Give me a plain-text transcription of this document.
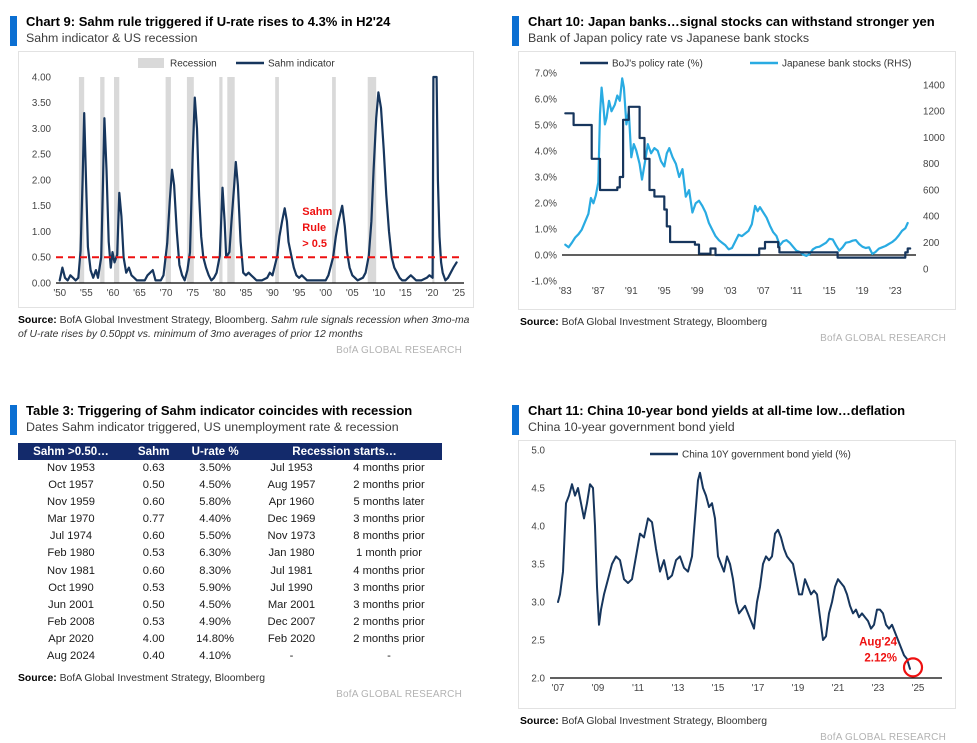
Chart 9: Sahm rule triggered if U-rate rises to 4.3% in H2'24

Sahm indicator & US recession

4.00
3.50
3.00
2.50
2.00
1.50
1.00
0.50
0.00
'50 '55 '60 '65 '70 '75 '80 '85 '90 '95 '00 '05 '10 '15 '20 '25
Recession	Sahm indicator
Sahm
Rule
> 0.5

Source: BofA Global Investment Strategy, Bloomberg. Sahm rule signals recession when 3mo-ma of U-rate rises by 0.50ppt vs. minimum of 3mo averages of prior 12 months

BofA GLOBAL RESEARCH

Chart 10: Japan banks…signal stocks can withstand stronger yen

Bank of Japan policy rate vs Japanese bank stocks

7.0%
6.0%
5.0%
4.0%
3.0%
2.0%
1.0%
0.0%
-1.0%
1400
1200
1000
800
600
400
200
0
'83 '87 '91 '95 '99 '03 '07 '11 '15 '19 '23
BoJ's policy rate (%)	Japanese bank stocks (RHS)

Source: BofA Global Investment Strategy, Bloomberg

BofA GLOBAL RESEARCH

Table 3: Triggering of Sahm indicator coincides with recession

Dates Sahm indicator triggered, US unemployment rate & recession

Sahm >0.50…	Sahm	U-rate %	Recession starts…	
Nov 1953	0.63	3.50%	Jul 1953	4 months prior
Oct 1957	0.50	4.50%	Aug 1957	2 months prior
Nov 1959	0.60	5.80%	Apr 1960	5 months later
Mar 1970	0.77	4.40%	Dec 1969	3 months prior
Jul 1974	0.60	5.50%	Nov 1973	8 months prior
Feb 1980	0.53	6.30%	Jan 1980	1 month prior
Nov 1981	0.60	8.30%	Jul 1981	4 months prior
Oct 1990	0.53	5.90%	Jul 1990	3 months prior
Jun 2001	0.50	4.50%	Mar 2001	3 months prior
Feb 2008	0.53	4.90%	Dec 2007	2 months prior
Apr 2020	4.00	14.80%	Feb 2020	2 months prior
Aug 2024	0.40	4.10%	-	-

Source: BofA Global Investment Strategy, Bloomberg

BofA GLOBAL RESEARCH

Chart 11: China 10-year bond yields at all-time low…deflation

China 10-year government bond yield

5.0
4.5
4.0
3.5
3.0
2.5
2.0
'07	'09	'11	'13	'15	'17	'19	'21	'23	'25
China 10Y government bond yield (%)
Aug'24
2.12%

Source: BofA Global Investment Strategy, Bloomberg

BofA GLOBAL RESEARCH
